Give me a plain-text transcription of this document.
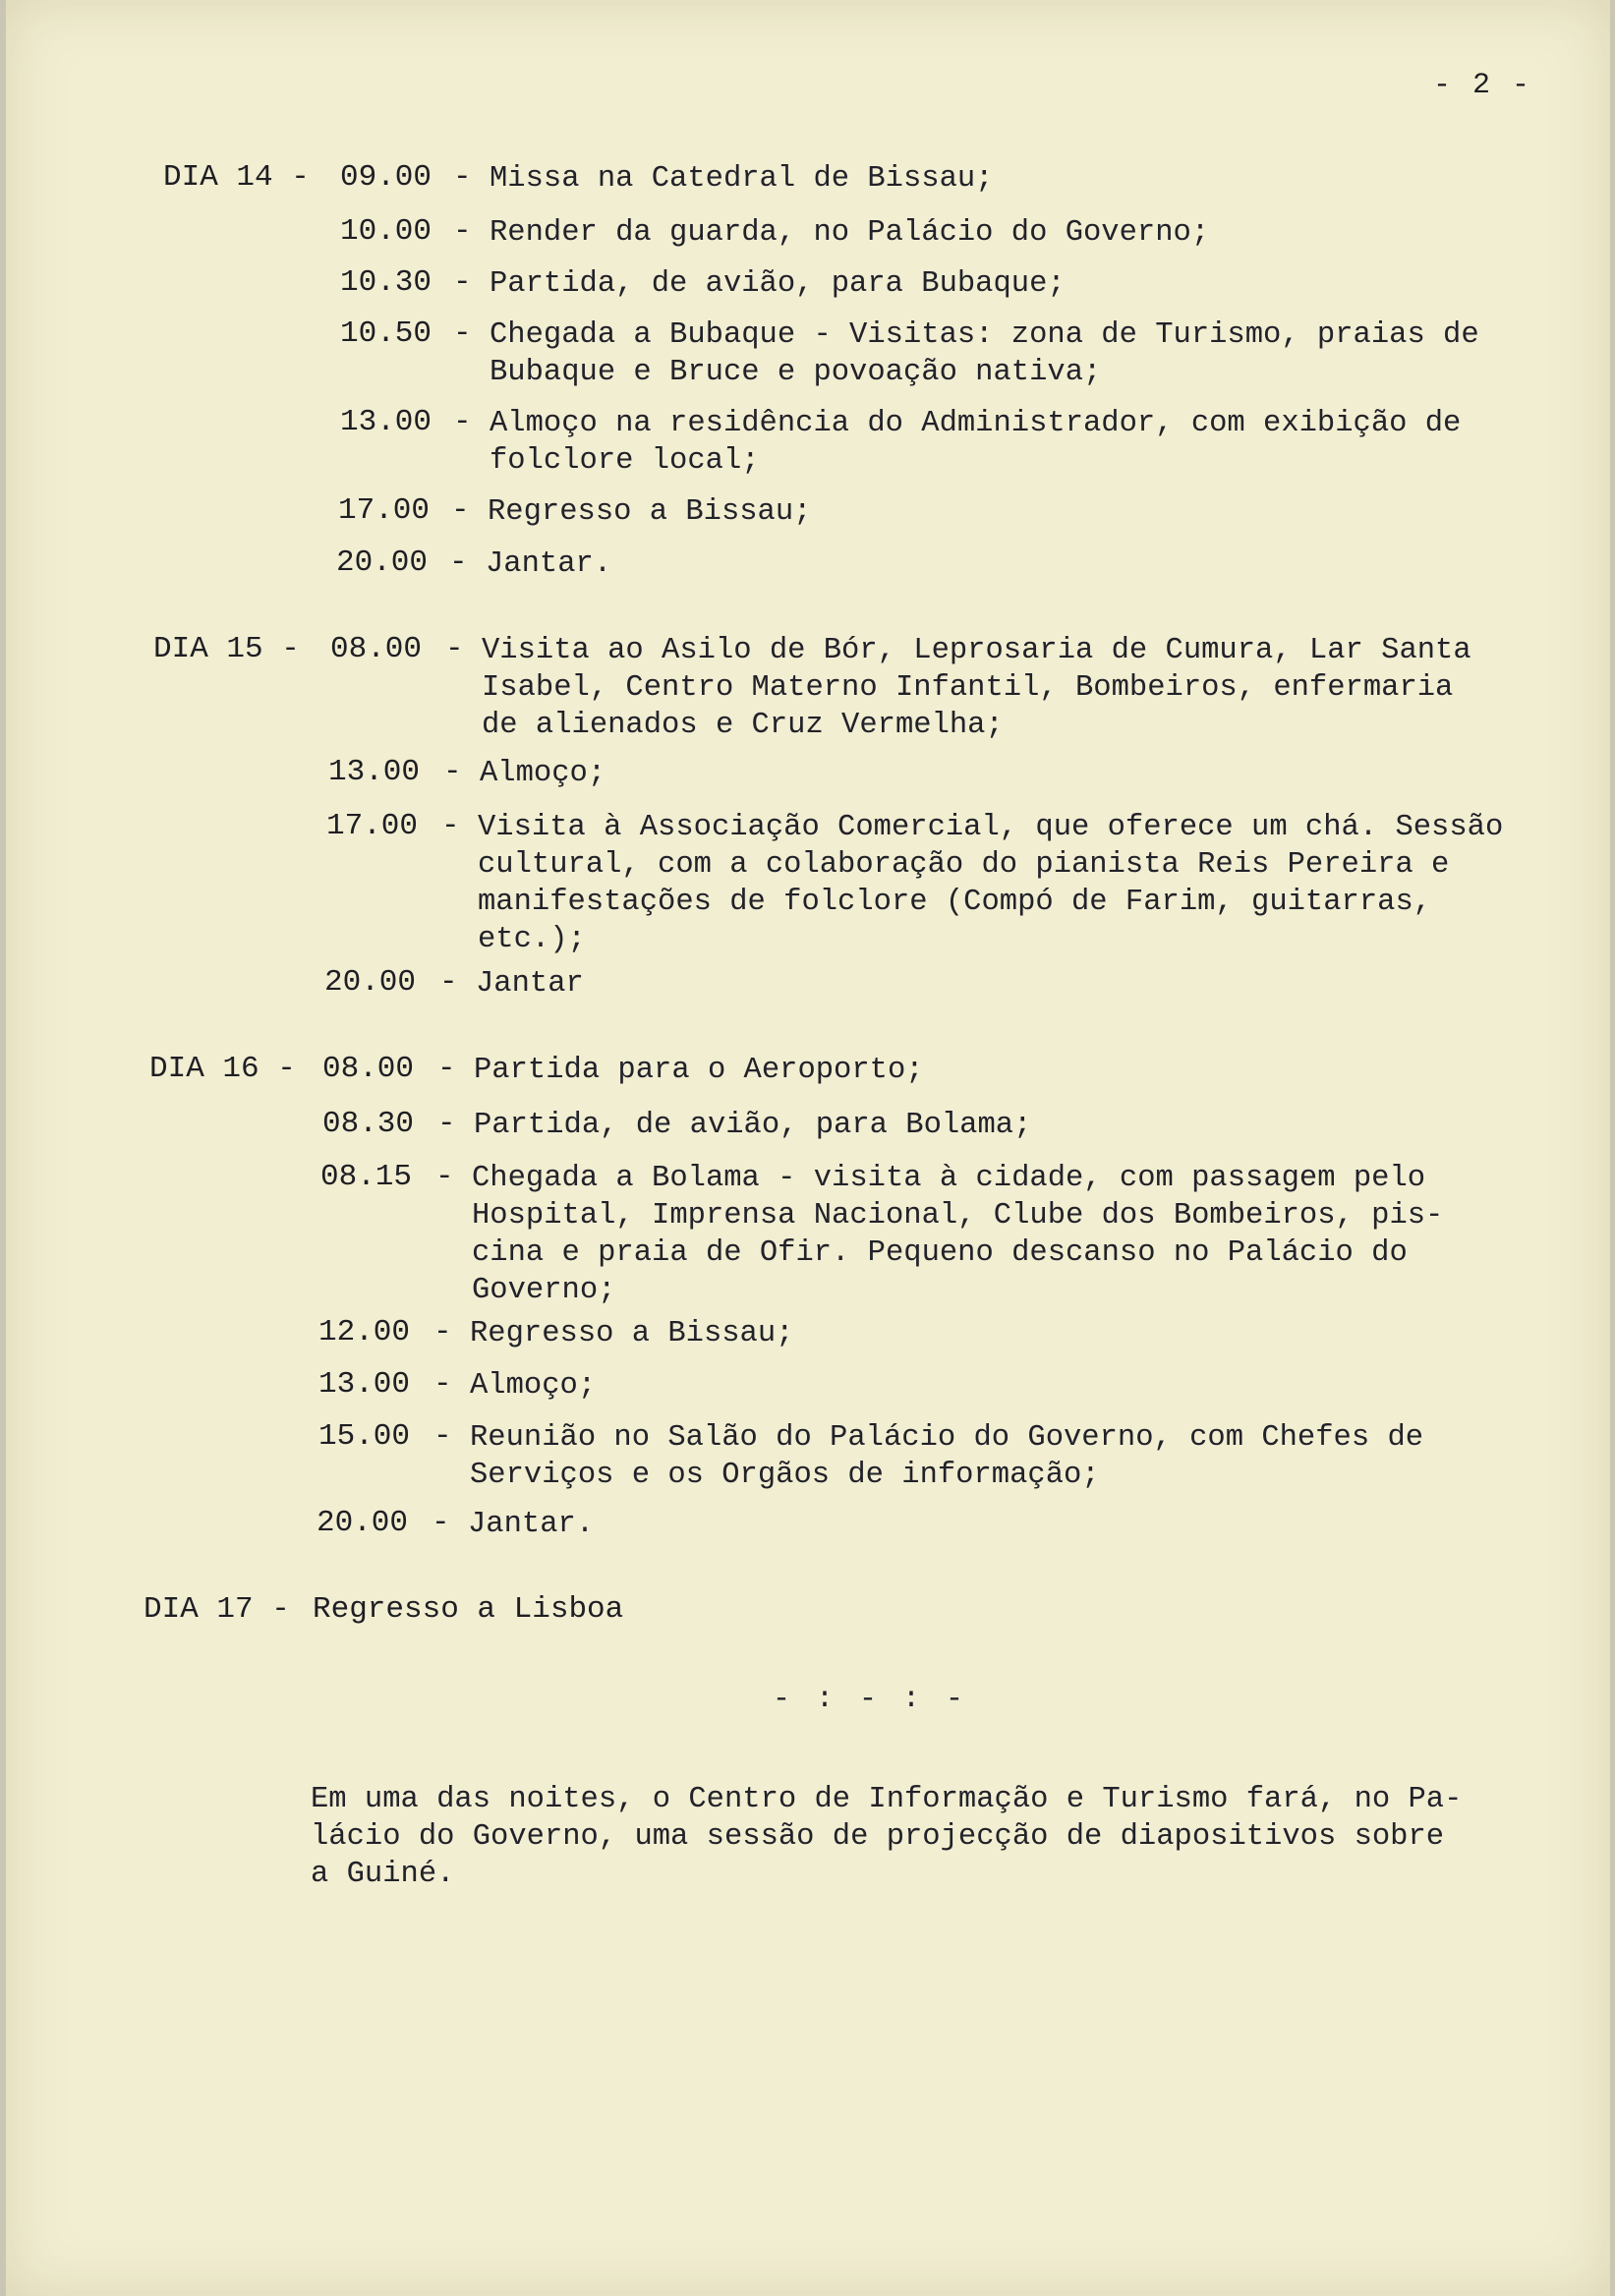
- 2 -
DIA 14 - 09.00 - Missa na Catedral de Bissau;
10.00 - Render da guarda, no Palácio do Governo;
10.30 - Partida, de avião, para Bubaque;
10.50 - Chegada a Bubaque - Visitas: zona de Turismo, praias de
Bubaque e Bruce e povoação nativa;
13.00 - Almoço na residência do Administrador, com exibição de
folclore local;
17.00 - Regresso a Bissau;
20.00 - Jantar.
DIA 15 - 08.00 - Visita ao Asilo de Bór, Leprosaria de Cumura, Lar Santa
Isabel, Centro Materno Infantil, Bombeiros, enfermaria
de alienados e Cruz Vermelha;
13.00 - Almoço;
17.00 - Visita à Associação Comercial, que oferece um chá. Sessão
cultural, com a colaboração do pianista Reis Pereira e
manifestações de folclore (Compó de Farim, guitarras,
etc.);
20.00 - Jantar
DIA 16 - 08.00 - Partida para o Aeroporto;
08.30 - Partida, de avião, para Bolama;
08.15 - Chegada a Bolama - visita à cidade, com passagem pelo
Hospital, Imprensa Nacional, Clube dos Bombeiros, pis-
cina e praia de Ofir. Pequeno descanso no Palácio do
Governo;
12.00 - Regresso a Bissau;
13.00 - Almoço;
15.00 - Reunião no Salão do Palácio do Governo, com Chefes de
Serviços e os Orgãos de informação;
20.00 - Jantar.
DIA 17 - Regresso a Lisboa
- : - : -
Em uma das noites, o Centro de Informação e Turismo fará, no Pa-
lácio do Governo, uma sessão de projecção de diapositivos sobre
a Guiné.
